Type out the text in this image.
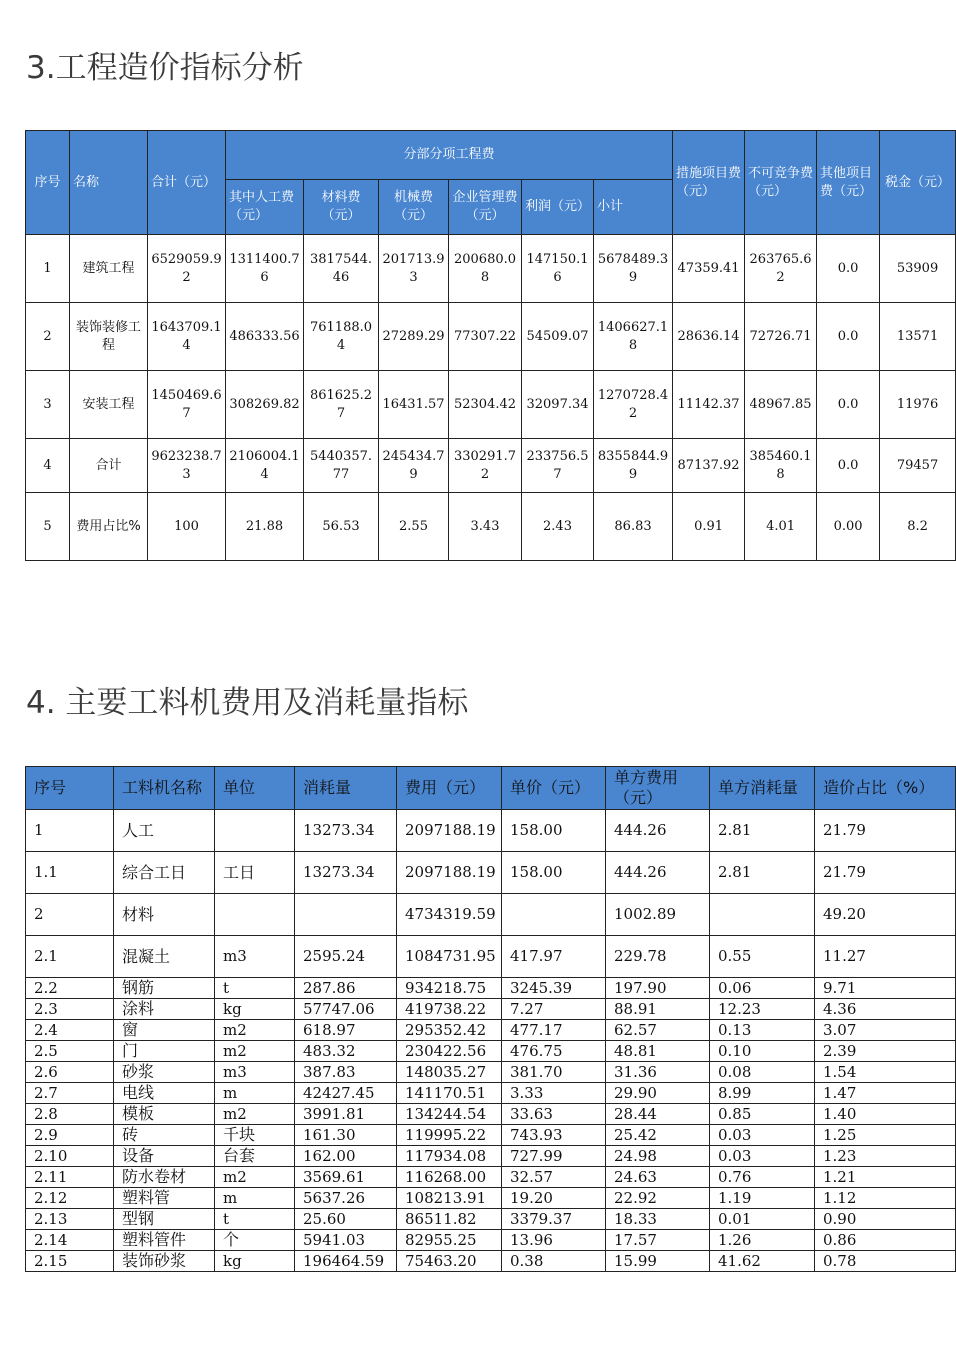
3.工程造价指标分析
序号	名称	合计（元）	分部分项工程费						措施项目费（元）	不可竞争费（元）	其他项目费（元）	税金（元）
			其中人工费（元）	材料费（元）	机械费（元）	企业管理费（元）	利润（元）	小计				
1	建筑工程	6529059.92	1311400.76	3817544.46	201713.93	200680.08	147150.16	5678489.39	47359.41	263765.62	0.0	53909
2	装饰装修工程	1643709.14	486333.56	761188.04	27289.29	77307.22	54509.07	1406627.18	28636.14	72726.71	0.0	13571
3	安装工程	1450469.67	308269.82	861625.27	16431.57	52304.42	32097.34	1270728.42	11142.37	48967.85	0.0	11976
4	合计	9623238.73	2106004.14	5440357.77	245434.79	330291.72	233756.57	8355844.99	87137.92	385460.18	0.0	79457
5	费用占比%	100	21.88	56.53	2.55	3.43	2.43	86.83	0.91	4.01	0.00	8.2
4. 主要工料机费用及消耗量指标
序号	工料机名称	单位	消耗量	费用（元）	单价（元）	单方费用（元）	单方消耗量	造价占比（%）
1	人工		13273.34	2097188.19	158.00	444.26	2.81	21.79
1.1	综合工日	工日	13273.34	2097188.19	158.00	444.26	2.81	21.79
2	材料			4734319.59		1002.89		49.20
2.1	混凝土	m3	2595.24	1084731.95	417.97	229.78	0.55	11.27
2.2	钢筋	t	287.86	934218.75	3245.39	197.90	0.06	9.71
2.3	涂料	kg	57747.06	419738.22	7.27	88.91	12.23	4.36
2.4	窗	m2	618.97	295352.42	477.17	62.57	0.13	3.07
2.5	门	m2	483.32	230422.56	476.75	48.81	0.10	2.39
2.6	砂浆	m3	387.83	148035.27	381.70	31.36	0.08	1.54
2.7	电线	m	42427.45	141170.51	3.33	29.90	8.99	1.47
2.8	模板	m2	3991.81	134244.54	33.63	28.44	0.85	1.40
2.9	砖	千块	161.30	119995.22	743.93	25.42	0.03	1.25
2.10	设备	台套	162.00	117934.08	727.99	24.98	0.03	1.23
2.11	防水卷材	m2	3569.61	116268.00	32.57	24.63	0.76	1.21
2.12	塑料管	m	5637.26	108213.91	19.20	22.92	1.19	1.12
2.13	型钢	t	25.60	86511.82	3379.37	18.33	0.01	0.90
2.14	塑料管件	个	5941.03	82955.25	13.96	17.57	1.26	0.86
2.15	装饰砂浆	kg	196464.59	75463.20	0.38	15.99	41.62	0.78
